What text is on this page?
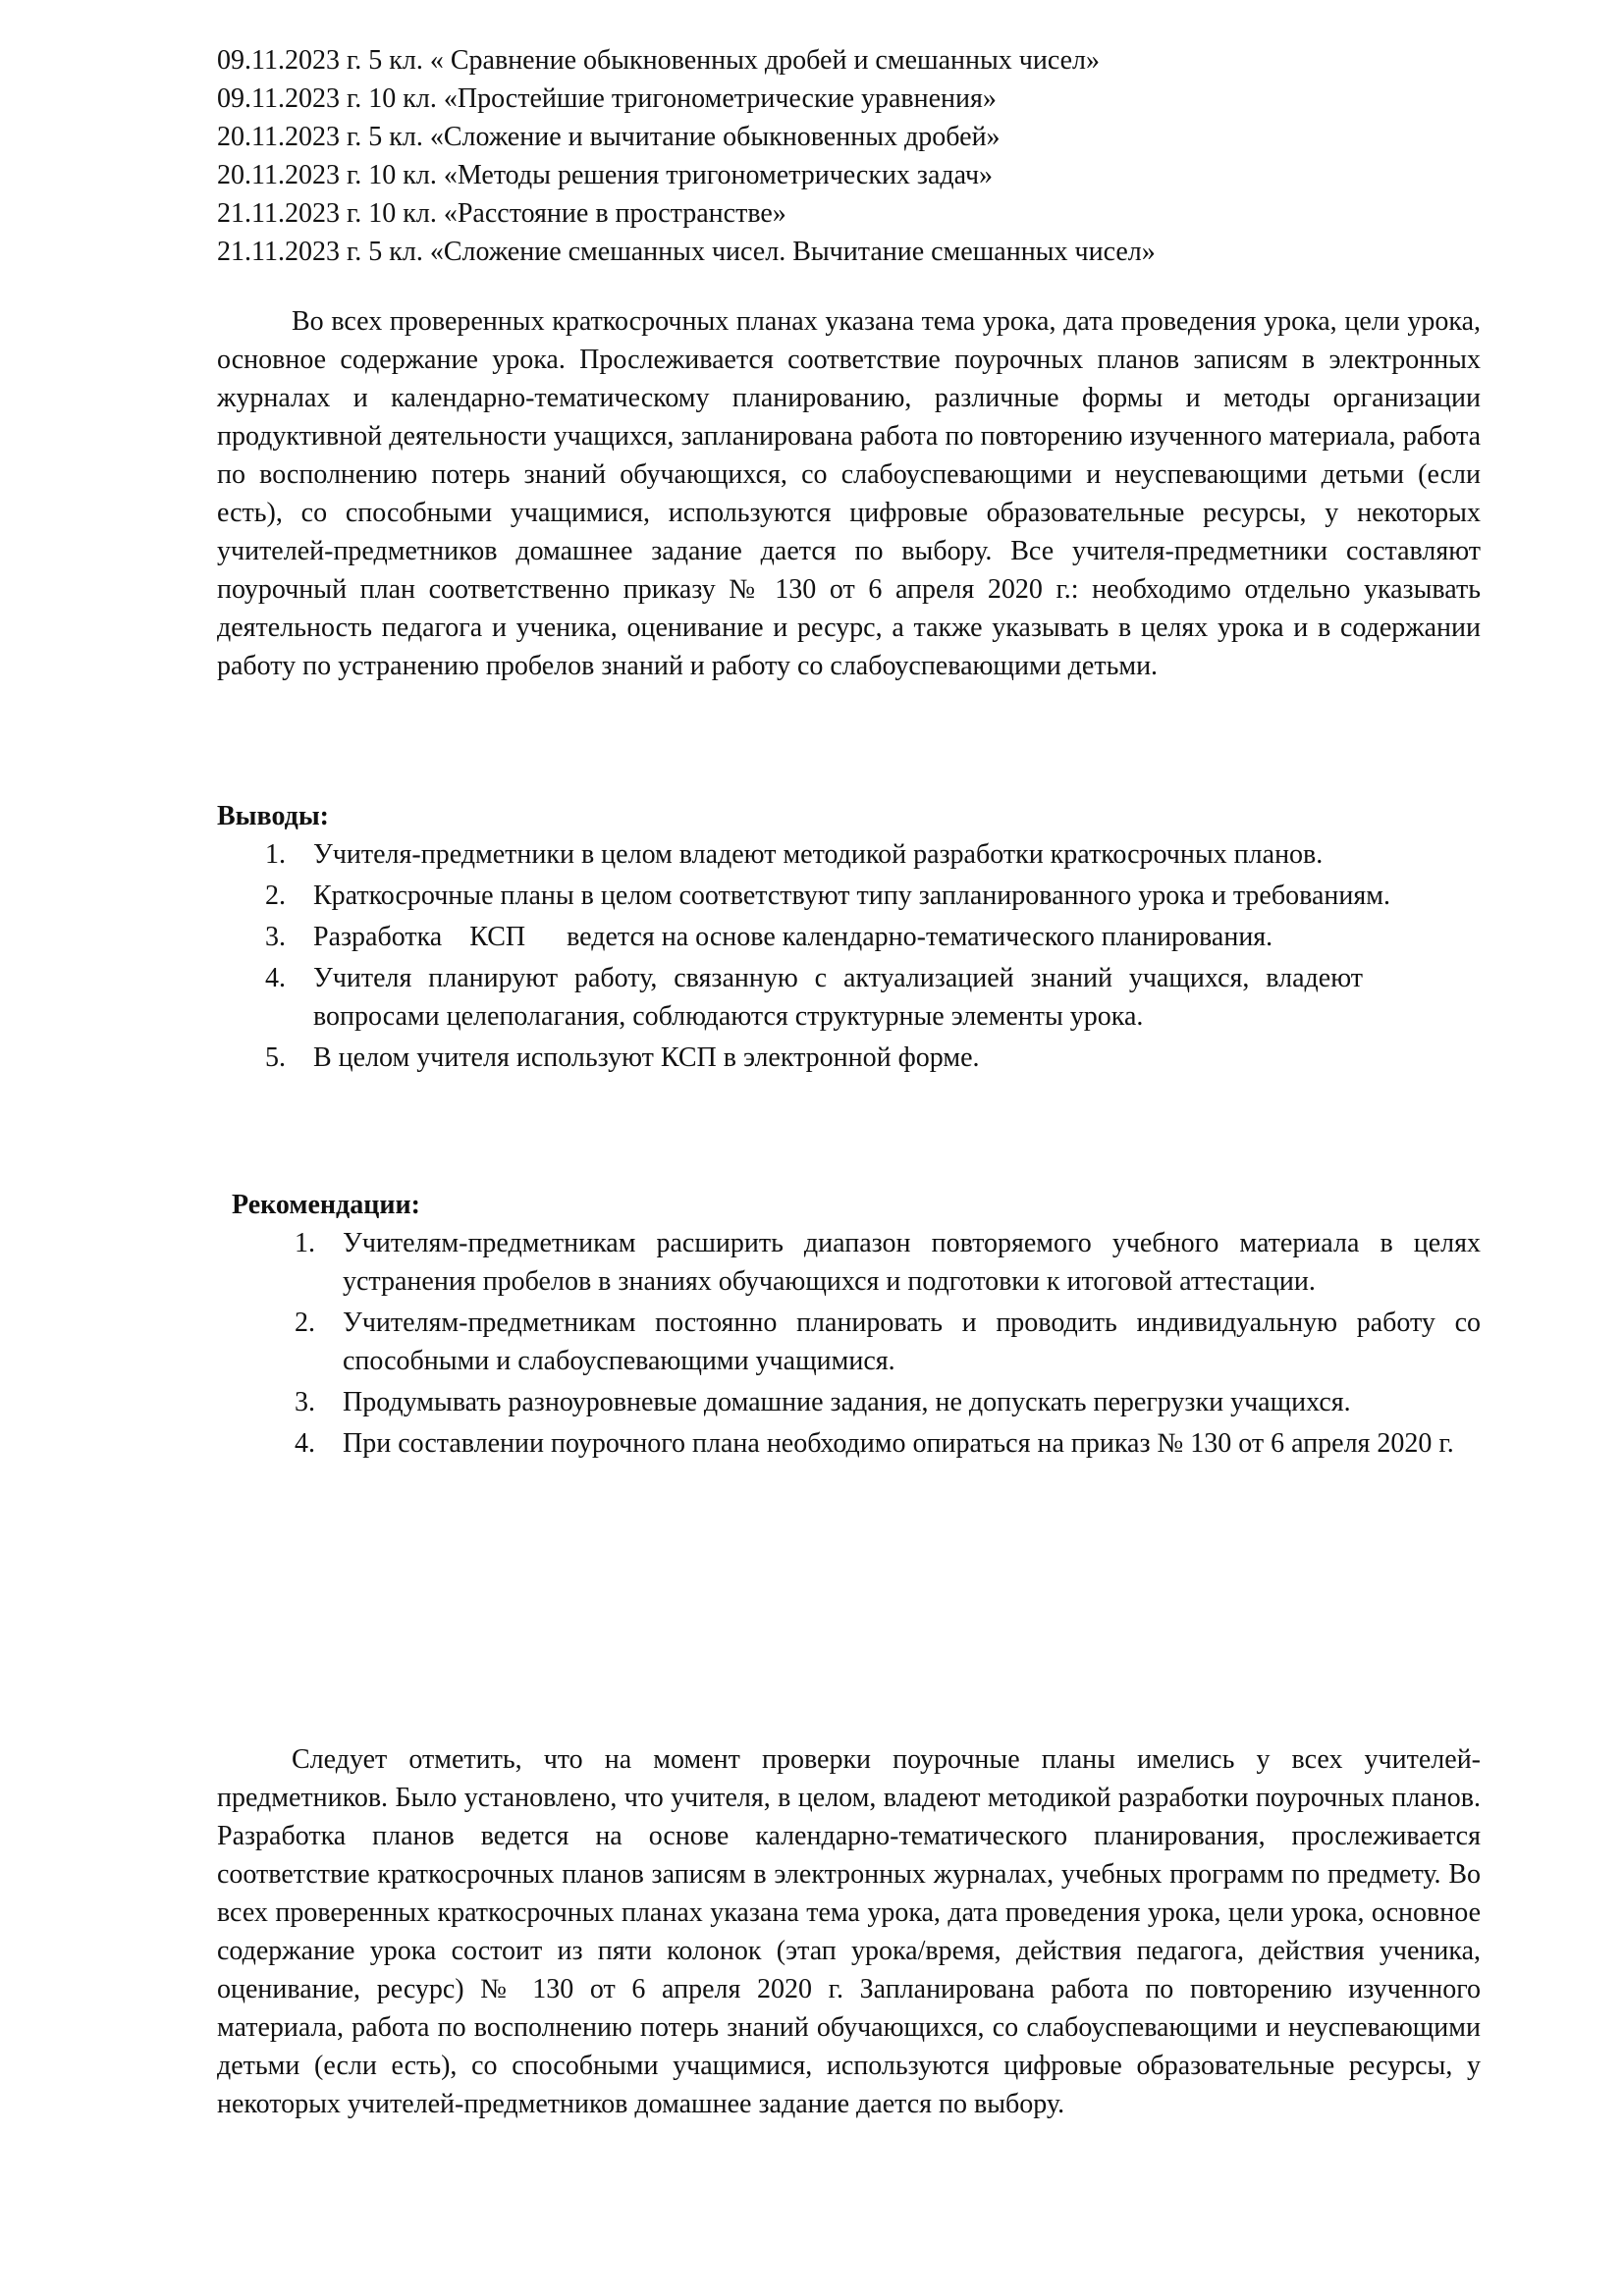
09.11.2023 г. 5 кл. « Сравнение обыкновенных дробей и смешанных чисел»
09.11.2023 г. 10 кл. «Простейшие тригонометрические уравнения»
20.11.2023 г. 5 кл. «Сложение и вычитание обыкновенных дробей»
20.11.2023 г. 10 кл. «Методы решения тригонометрических задач»
21.11.2023 г. 10 кл. «Расстояние в пространстве»
21.11.2023 г. 5 кл. «Сложение смешанных чисел. Вычитание смешанных чисел»

Во всех проверенных краткосрочных планах указана тема урока, дата проведения урока, цели урока, основное содержание урока. Прослеживается соответствие поурочных планов записям в электронных журналах и календарно-тематическому планированию, различные формы и методы организации продуктивной деятельности учащихся, запланирована работа по повторению изученного материала, работа по восполнению потерь знаний обучающихся, со слабоуспевающими и неуспевающими детьми (если есть), со способными учащимися, используются цифровые образовательные ресурсы, у некоторых учителей-предметников домашнее задание дается по выбору. Все учителя-предметники составляют поурочный план соответственно приказу № 130 от 6 апреля 2020 г.: необходимо отдельно указывать деятельность педагога и ученика, оценивание и ресурс, а также указывать в целях урока и в содержании работу по устранению пробелов знаний и работу со слабоуспевающими детьми.

Выводы:
1.	Учителя-предметники в целом владеют методикой разработки краткосрочных планов.
2.	Краткосрочные планы в целом соответствуют типу запланированного урока и требованиям.
3.	Разработка    КСП      ведется на основе календарно-тематического планирования.
4.	Учителя планируют работу, связанную с актуализацией знаний учащихся, владеют вопросами целеполагания, соблюдаются структурные элементы урока.
5.	В целом учителя используют КСП в электронной форме.
Рекомендации:
1.	Учителям-предметникам расширить диапазон повторяемого учебного материала в целях устранения пробелов в знаниях обучающихся и подготовки к итоговой аттестации.
2.	Учителям-предметникам постоянно планировать и проводить индивидуальную работу со способными и слабоуспевающими учащимися.
3.	Продумывать разноуровневые домашние задания, не допускать перегрузки учащихся.
4.	При составлении поурочного плана необходимо опираться на приказ № 130 от 6 апреля 2020 г.

Следует отметить, что на момент проверки поурочные планы имелись у всех учителей-предметников. Было установлено, что учителя, в целом, владеют методикой разработки поурочных планов. Разработка планов ведется на основе календарно-тематического планирования, прослеживается соответствие краткосрочных планов записям в электронных журналах, учебных программ по предмету. Во всех проверенных краткосрочных планах указана тема урока, дата проведения урока, цели урока, основное содержание урока состоит из пяти колонок (этап урока/время, действия педагога, действия ученика, оценивание, ресурс) № 130 от 6 апреля 2020 г. Запланирована работа по повторению изученного материала, работа по восполнению потерь знаний обучающихся, со слабоуспевающими и неуспевающими детьми (если есть), со способными учащимися, используются цифровые образовательные ресурсы, у некоторых учителей-предметников домашнее задание дается по выбору.
